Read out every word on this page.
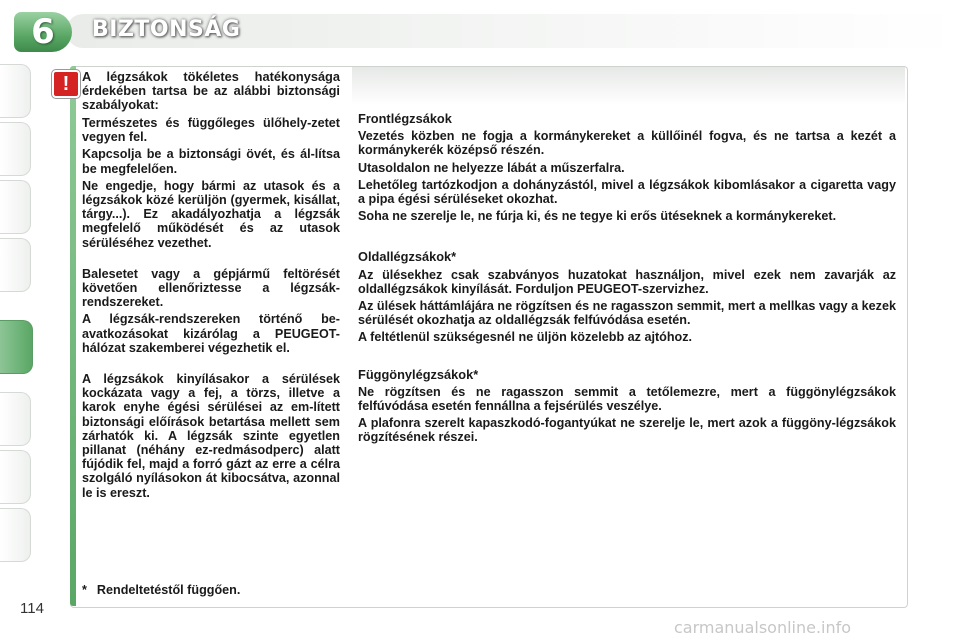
6	BIZTONSÁG
! A légzsákok tökéletes hatékonysága érdekében tartsa be az alábbi biztonsági szabályokat:

Természetes és függőleges ülőhely-zetet vegyen fel.

Kapcsolja be a biztonsági övét, és ál-lítsa be megfelelően.

Ne engedje, hogy bármi az utasok és a légzsákok közé kerüljön (gyermek, kisállat, tárgy...). Ez akadályozhatja a légzsák megfelelő működését és az utasok sérüléséhez vezethet.

Balesetet vagy a gépjármű feltörését követően ellenőriztesse a légzsák-rendszereket.

A légzsák-rendszereken történő be-avatkozásokat kizárólag a PEUGEOT-hálózat szakemberei végezhetik el.

A légzsákok kinyílásakor a sérülések kockázata vagy a fej, a törzs, illetve a karok enyhe égési sérülései az em-lített biztonsági előírások betartása mellett sem zárhatók ki. A légzsák szinte egyetlen pillanat (néhány ez-redmásodperc) alatt fújódik fel, majd a forró gázt az erre a célra szolgáló nyílásokon át kibocsátva, azonnal le is ereszt.

Frontlégzsákok

Vezetés közben ne fogja a kormánykereket a küllőinél fogva, és ne tartsa a kezét a kormánykerék középső részén.

Utasoldalon ne helyezze lábát a műszerfalra.

Lehetőleg tartózkodjon a dohányzástól, mivel a légzsákok kibomlásakor a cigaretta vagy a pipa égési sérüléseket okozhat.

Soha ne szerelje le, ne fúrja ki, és ne tegye ki erős ütéseknek a kormánykereket.

Oldallégzsákok*

Az ülésekhez csak szabványos huzatokat használjon, mivel ezek nem zavarják az oldallégzsákok kinyílását. Forduljon PEUGEOT-szervizhez.

Az ülések háttámlájára ne rögzítsen és ne ragasszon semmit, mert a mellkas vagy a kezek sérülését okozhatja az oldallégzsák felfúvódása esetén.

A feltétlenül szükségesnél ne üljön közelebb az ajtóhoz.

Függönylégzsákok*

Ne rögzítsen és ne ragasszon semmit a tetőlemezre, mert a függönylégzsákok felfúvódása esetén fennállna a fejsérülés veszélye.

A plafonra szerelt kapaszkodó-fogantyúkat ne szerelje le, mert azok a függöny-légzsákok rögzítésének részei.

* Rendeltetéstől függően.
114
carmanualsonline.info
